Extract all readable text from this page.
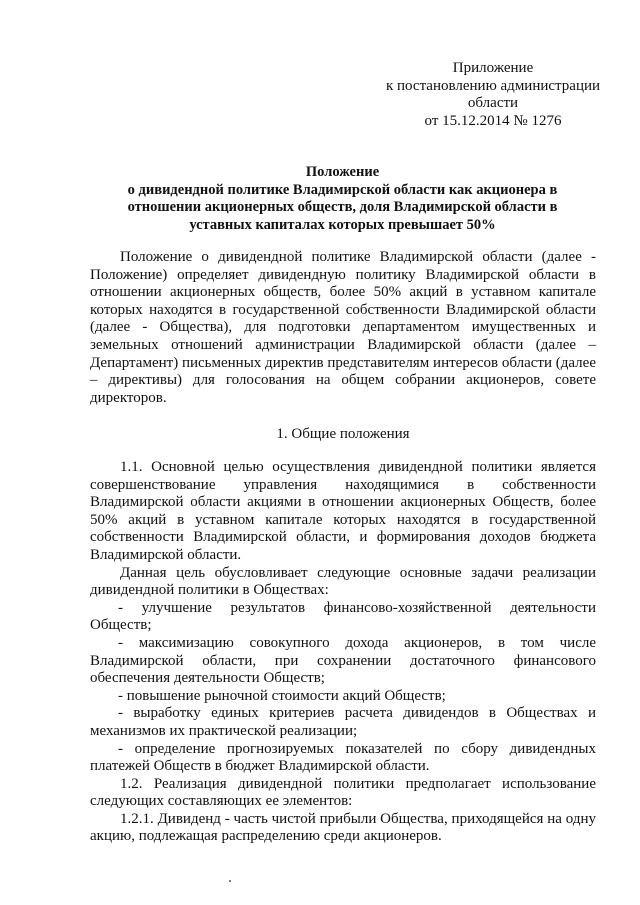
Приложение
к постановлению администрации
области
от 15.12.2014 № 1276
Положение
о дивидендной политике Владимирской области как акционера в
отношении акционерных обществ, доля Владимирской области в
уставных капиталах которых превышает 50%

Положение о дивидендной политике Владимирской области (далее - Положение) определяет дивидендную политику Владимирской области в отношении акционерных обществ, более 50% акций в уставном капитале которых находятся в государственной собственности Владимирской области (далее - Общества), для подготовки департаментом имущественных и земельных отношений администрации Владимирской области (далее – Департамент) письменных директив представителям интересов области (далее – директивы) для голосования на общем собрании акционеров, совете директоров.

1. Общие положения

1.1. Основной целью осуществления дивидендной политики является совершенствование управления находящимися в собственности Владимирской области акциями в отношении акционерных Обществ, более 50% акций в уставном капитале которых находятся в государственной собственности Владимирской области, и формирования доходов бюджета Владимирской области.

Данная цель обусловливает следующие основные задачи реализации дивидендной политики в Обществах:

- улучшение результатов финансово-хозяйственной деятельности Обществ;

- максимизацию совокупного дохода акционеров, в том числе Владимирской области, при сохранении достаточного финансового обеспечения деятельности Обществ;

- повышение рыночной стоимости акций Обществ;

- выработку единых критериев расчета дивидендов в Обществах и механизмов их практической реализации;

- определение прогнозируемых показателей по сбору дивидендных платежей Обществ в бюджет Владимирской области.

1.2. Реализация дивидендной политики предполагает использование следующих составляющих ее элементов:

1.2.1. Дивиденд - часть чистой прибыли Общества, приходящейся на одну акцию, подлежащая распределению среди акционеров.
